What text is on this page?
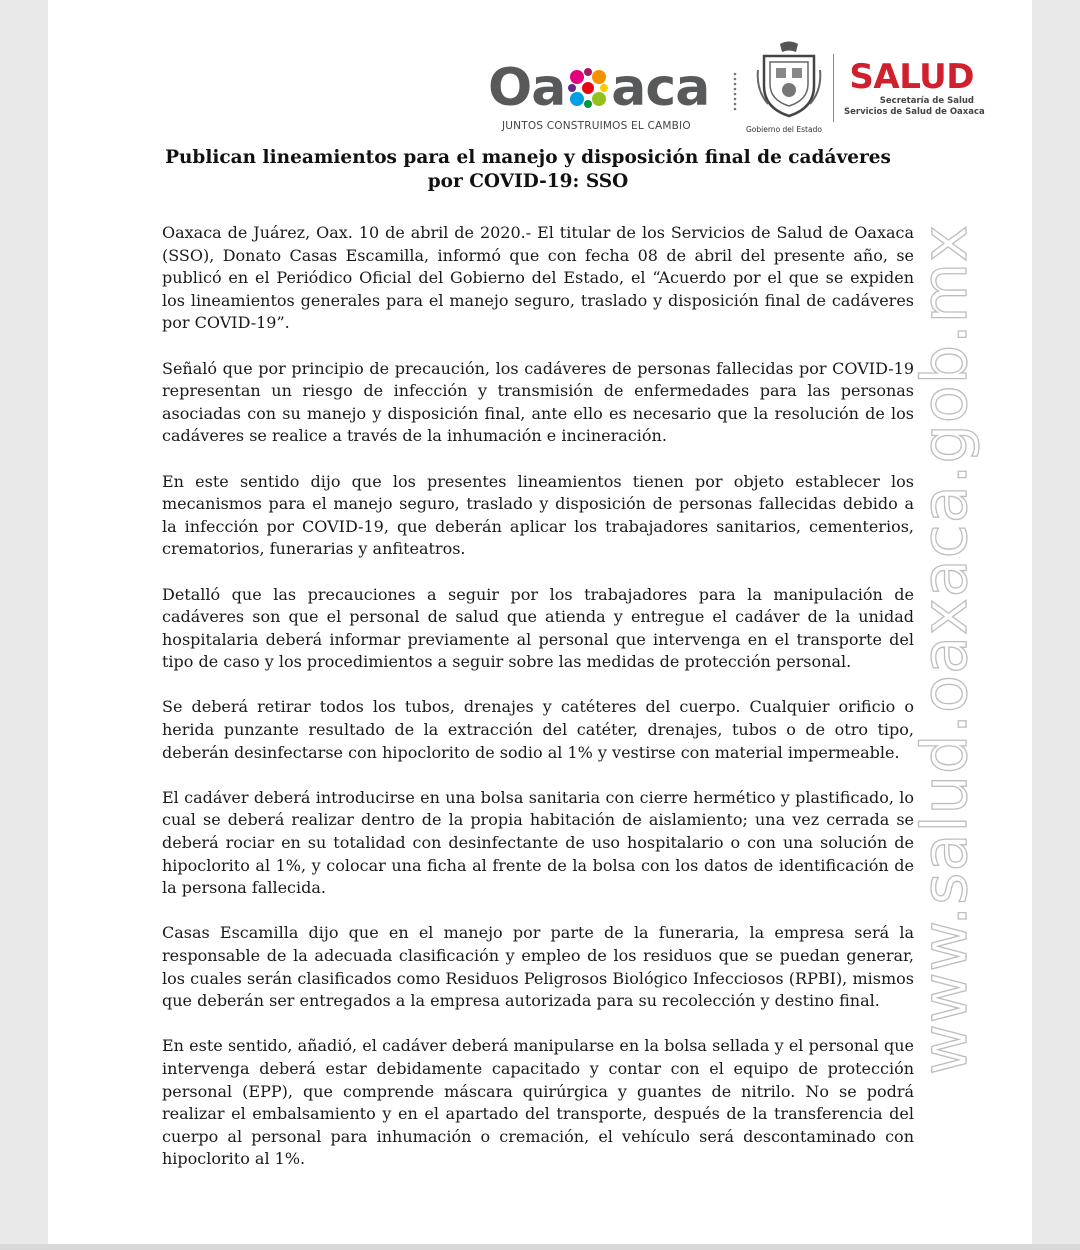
Oa aca
JUNTOS CONSTRUIMOS EL CAMBIO	Gobierno del Estado
SALUD
Secretaría de Salud
Servicios de Salud de Oaxaca
Publican lineamientos para el manejo y disposición final de cadáveres
por COVID-19: SSO

Oaxaca de Juárez, Oax. 10 de abril de 2020.- El titular de los Servicios de Salud de Oaxaca (SSO), Donato Casas Escamilla, informó que con fecha 08 de abril del presente año, se publicó en el Periódico Oficial del Gobierno del Estado, el “Acuerdo por el que se expiden los lineamientos generales para el manejo seguro, traslado y disposición final de cadáveres por COVID-19”.

Señaló que por principio de precaución, los cadáveres de personas fallecidas por COVID-19 representan un riesgo de infección y transmisión de enfermedades para las personas asociadas con su manejo y disposición final, ante ello es necesario que la resolución de los cadáveres se realice a través de la inhumación e incineración.

En este sentido dijo que los presentes lineamientos tienen por objeto establecer los mecanismos para el manejo seguro, traslado y disposición de personas fallecidas debido a la infección por COVID-19, que deberán aplicar los trabajadores sanitarios, cementerios, crematorios, funerarias y anfiteatros.

Detalló que las precauciones a seguir por los trabajadores para la manipulación de cadáveres son que el personal de salud que atienda y entregue el cadáver de la unidad hospitalaria deberá informar previamente al personal que intervenga en el transporte del tipo de caso y los procedimientos a seguir sobre las medidas de protección personal.

Se deberá retirar todos los tubos, drenajes y catéteres del cuerpo. Cualquier orificio o herida punzante resultado de la extracción del catéter, drenajes, tubos o de otro tipo, deberán desinfectarse con hipoclorito de sodio al 1% y vestirse con material impermeable.

El cadáver deberá introducirse en una bolsa sanitaria con cierre hermético y plastificado, lo cual se deberá realizar dentro de la propia habitación de aislamiento; una vez cerrada se deberá rociar en su totalidad con desinfectante de uso hospitalario o con una solución de hipoclorito al 1%, y colocar una ficha al frente de la bolsa con los datos de identificación de la persona fallecida.

Casas Escamilla dijo que en el manejo por parte de la funeraria, la empresa será la responsable de la adecuada clasificación y empleo de los residuos que se puedan generar, los cuales serán clasificados como Residuos Peligrosos Biológico Infecciosos (RPBI), mismos que deberán ser entregados a la empresa autorizada para su recolección y destino final.

En este sentido, añadió, el cadáver deberá manipularse en la bolsa sellada y el personal que intervenga deberá estar debidamente capacitado y contar con el equipo de protección personal (EPP), que comprende máscara quirúrgica y guantes de nitrilo. No se podrá realizar el embalsamiento y en el apartado del transporte, después de la transferencia del cuerpo al personal para inhumación o cremación, el vehículo será descontaminado con hipoclorito al 1%.

www.salud.oaxaca.gob.mx
